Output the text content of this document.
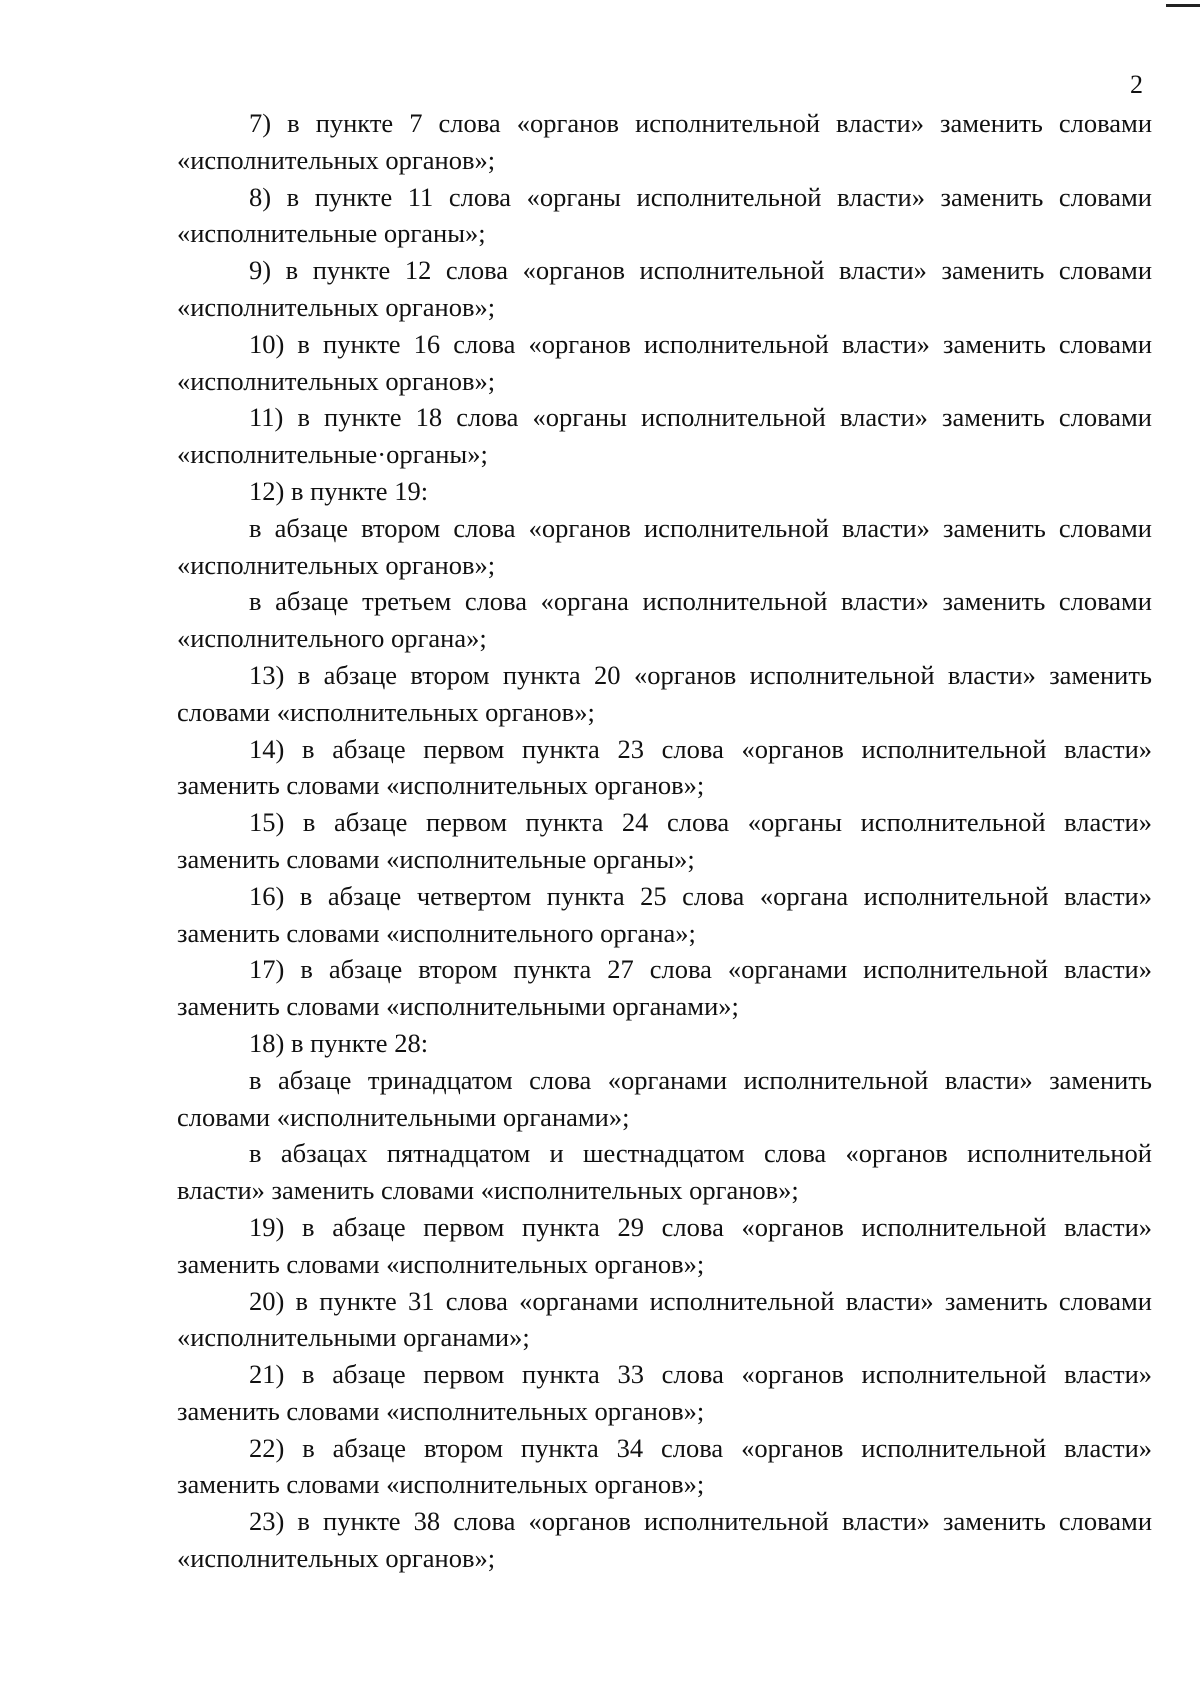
2

7) в пункте 7 слова «органов исполнительной власти» заменить словами «исполнительных органов»;

8) в пункте 11 слова «органы исполнительной власти» заменить словами «исполнительные органы»;

9) в пункте 12 слова «органов исполнительной власти» заменить словами «исполнительных органов»;

10) в пункте 16 слова «органов исполнительной власти» заменить словами «исполнительных органов»;

11) в пункте 18 слова «органы исполнительной власти» заменить словами «исполнительные·органы»;

12) в пункте 19:

в абзаце втором слова «органов исполнительной власти» заменить словами «исполнительных органов»;

в абзаце третьем слова «органа исполнительной власти» заменить словами «исполнительного органа»;

13) в абзаце втором пункта 20 «органов исполнительной власти» заменить словами «исполнительных органов»;

14) в абзаце первом пункта 23 слова «органов исполнительной власти» заменить словами «исполнительных органов»;

15) в абзаце первом пункта 24 слова «органы исполнительной власти» заменить словами «исполнительные органы»;

16) в абзаце четвертом пункта 25 слова «органа исполнительной власти» заменить словами «исполнительного органа»;

17) в абзаце втором пункта 27 слова «органами исполнительной власти» заменить словами «исполнительными органами»;

18) в пункте 28:

в абзаце тринадцатом слова «органами исполнительной власти» заменить словами «исполнительными органами»;

в абзацах пятнадцатом и шестнадцатом слова «органов исполнительной власти» заменить словами «исполнительных органов»;

19) в абзаце первом пункта 29 слова «органов исполнительной власти» заменить словами «исполнительных органов»;

20) в пункте 31 слова «органами исполнительной власти» заменить словами «исполнительными органами»;

21) в абзаце первом пункта 33 слова «органов исполнительной власти» заменить словами «исполнительных органов»;

22) в абзаце втором пункта 34 слова «органов исполнительной власти» заменить словами «исполнительных органов»;

23) в пункте 38 слова «органов исполнительной власти» заменить словами «исполнительных органов»;
